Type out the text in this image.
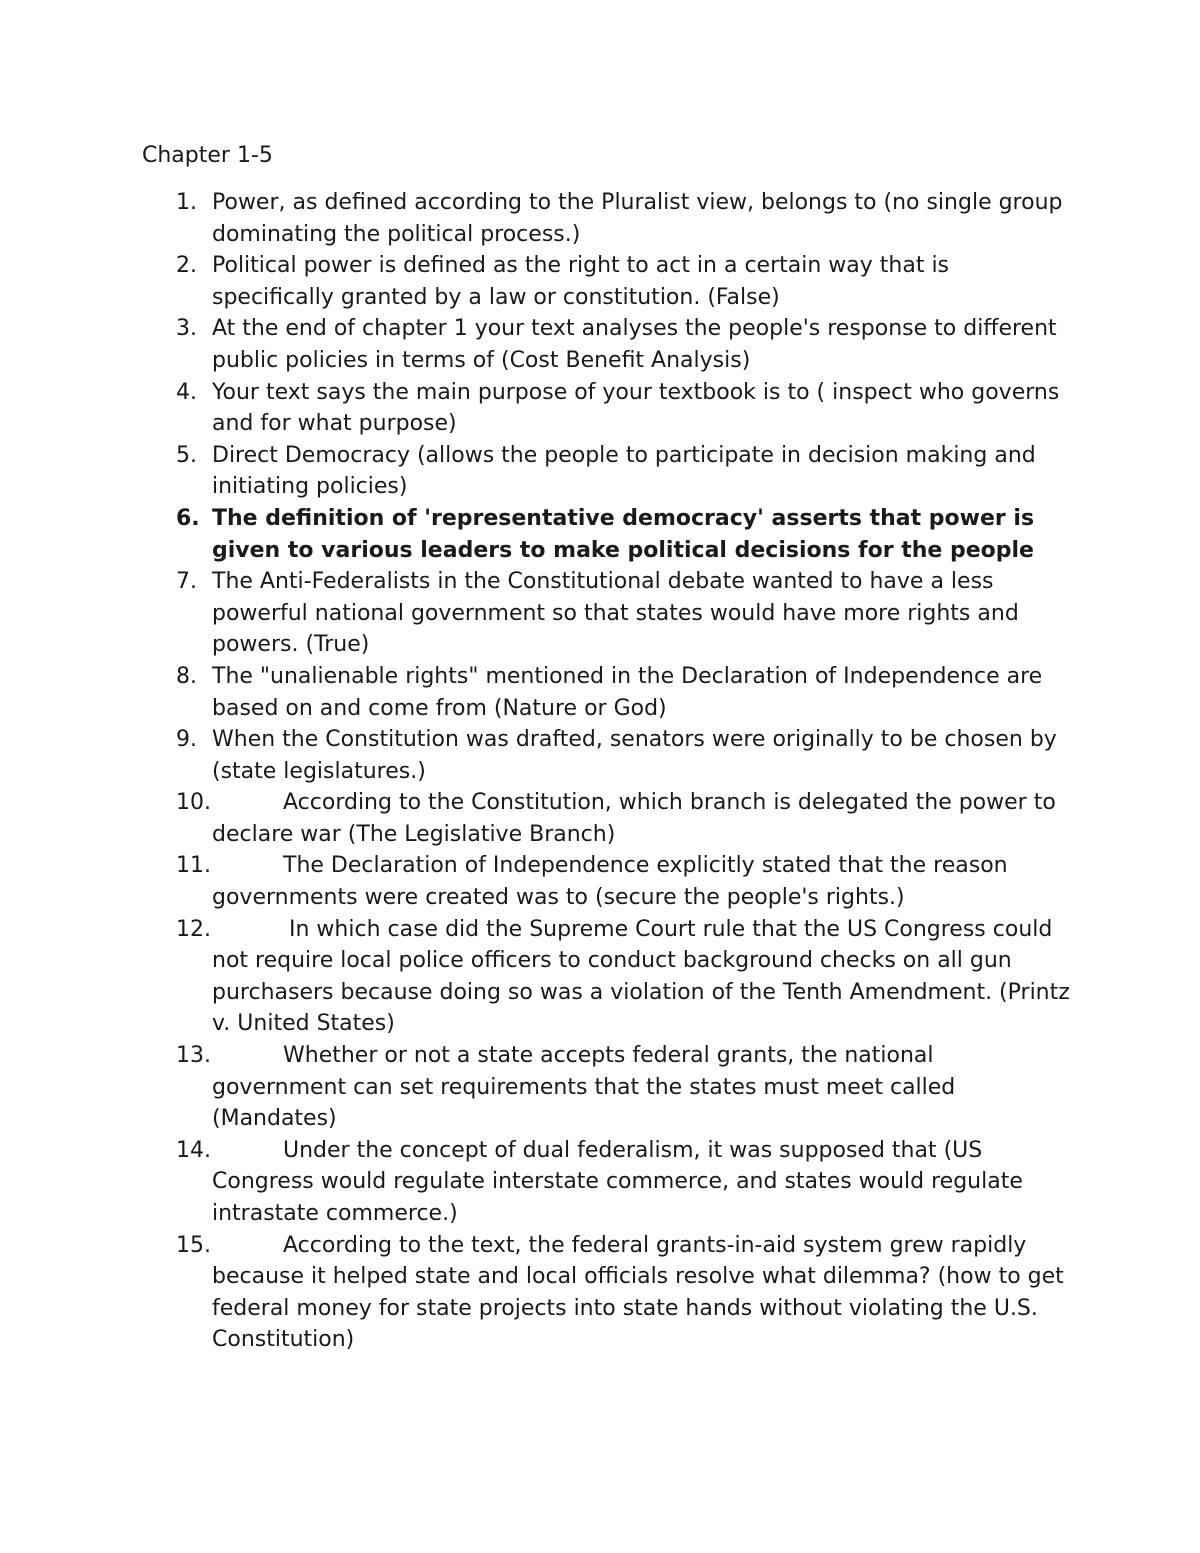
Chapter 1-5
1. Power, as defined according to the Pluralist view, belongs to (no single group dominating the political process.)
2. Political power is defined as the right to act in a certain way that is specifically granted by a law or constitution. (False)
3. At the end of chapter 1 your text analyses the people's response to different public policies in terms of (Cost Benefit Analysis)
4. Your text says the main purpose of your textbook is to ( inspect who governs and for what purpose)
5. Direct Democracy (allows the people to participate in decision making and initiating policies)
6. The definition of 'representative democracy' asserts that power is given to various leaders to make political decisions for the people
7. The Anti-Federalists in the Constitutional debate wanted to have a less powerful national government so that states would have more rights and powers. (True)
8. The "unalienable rights" mentioned in the Declaration of Independence are based on and come from (Nature or God)
9. When the Constitution was drafted, senators were originally to be chosen by (state legislatures.)
10.	According to the Constitution, which branch is delegated the power to declare war (The Legislative Branch)
11.	The Declaration of Independence explicitly stated that the reason governments were created was to (secure the people's rights.)
12.	In which case did the Supreme Court rule that the US Congress could not require local police officers to conduct background checks on all gun purchasers because doing so was a violation of the Tenth Amendment. (Printz v. United States)
13.	Whether or not a state accepts federal grants, the national government can set requirements that the states must meet called (Mandates)
14.	Under the concept of dual federalism, it was supposed that (US Congress would regulate interstate commerce, and states would regulate intrastate commerce.)
15.	According to the text, the federal grants-in-aid system grew rapidly because it helped state and local officials resolve what dilemma? (how to get federal money for state projects into state hands without violating the U.S. Constitution)
